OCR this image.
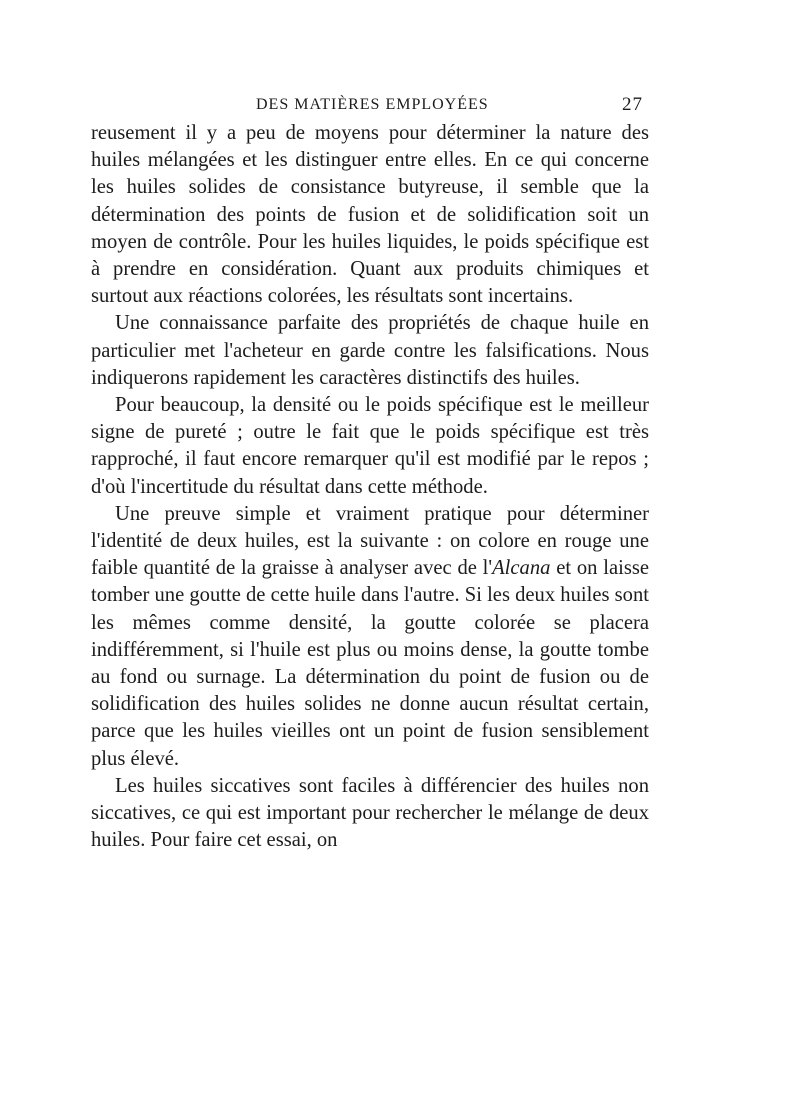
DES MATIÈRES EMPLOYÉES	27

reusement il y a peu de moyens pour déterminer la nature des huiles mélangées et les distinguer entre elles. En ce qui concerne les huiles solides de consistance butyreuse, il semble que la détermination des points de fusion et de solidification soit un moyen de contrôle. Pour les huiles liquides, le poids spécifique est à prendre en considération. Quant aux produits chimiques et surtout aux réactions colorées, les résultats sont incertains.

Une connaissance parfaite des propriétés de chaque huile en particulier met l'acheteur en garde contre les falsifications. Nous indiquerons rapidement les caractères distinctifs des huiles.

Pour beaucoup, la densité ou le poids spécifique est le meilleur signe de pureté ; outre le fait que le poids spécifique est très rapproché, il faut encore remarquer qu'il est modifié par le repos ; d'où l'incertitude du résultat dans cette méthode.

Une preuve simple et vraiment pratique pour déterminer l'identité de deux huiles, est la suivante : on colore en rouge une faible quantité de la graisse à analyser avec de l'Alcana et on laisse tomber une goutte de cette huile dans l'autre. Si les deux huiles sont les mêmes comme densité, la goutte colorée se placera indifféremment, si l'huile est plus ou moins dense, la goutte tombe au fond ou surnage. La détermination du point de fusion ou de solidification des huiles solides ne donne aucun résultat certain, parce que les huiles vieilles ont un point de fusion sensiblement plus élevé.

Les huiles siccatives sont faciles à différencier des huiles non siccatives, ce qui est important pour rechercher le mélange de deux huiles. Pour faire cet essai, on
